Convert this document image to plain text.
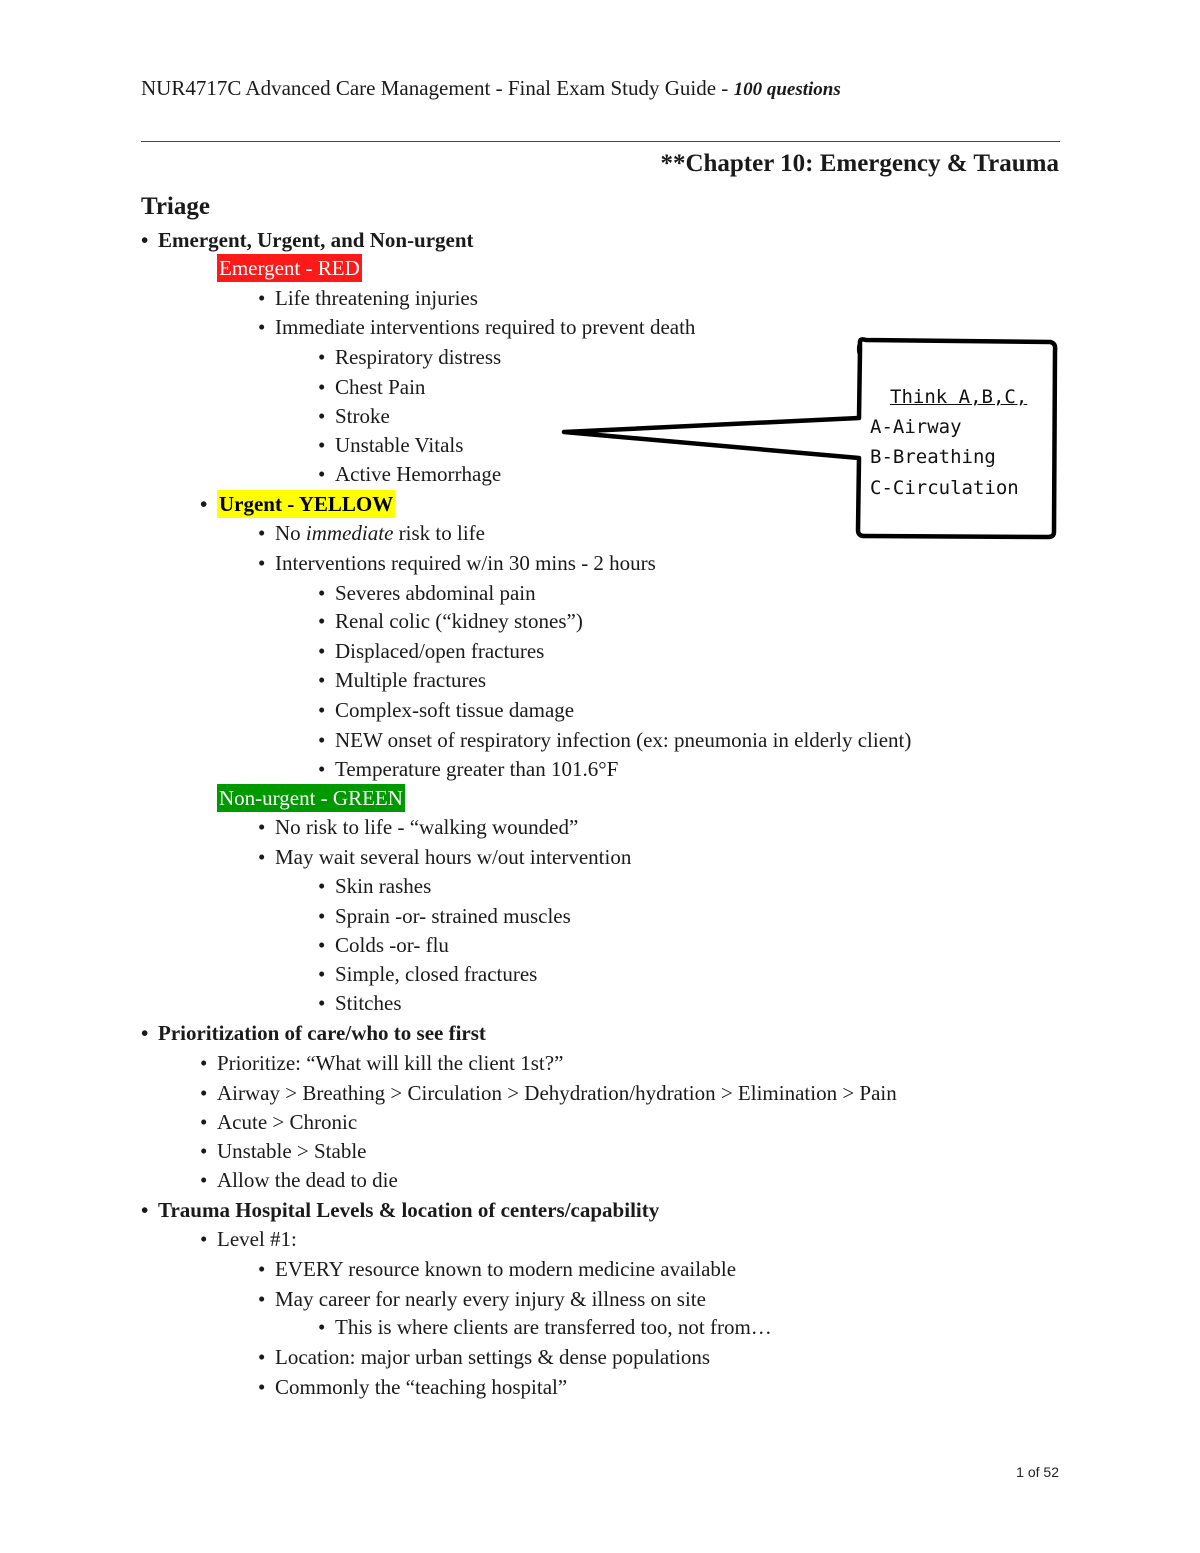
NUR4717C Advanced Care Management - Final Exam Study Guide - 100 questions
**Chapter 10: Emergency & Trauma
Triage
• Emergent, Urgent, and Non-urgent
Emergent - RED
• Life threatening injuries
• Immediate interventions required to prevent death
• Respiratory distress
• Chest Pain
• Stroke
• Unstable Vitals
• Active Hemorrhage
• Urgent - YELLOW
• No immediate risk to life
• Interventions required w/in 30 mins - 2 hours
• Severes abdominal pain
• Renal colic (“kidney stones”)
• Displaced/open fractures
• Multiple fractures
• Complex-soft tissue damage
• NEW onset of respiratory infection (ex: pneumonia in elderly client)
• Temperature greater than 101.6°F
Non-urgent - GREEN
• No risk to life - “walking wounded”
• May wait several hours w/out intervention
• Skin rashes
• Sprain -or- strained muscles
• Colds -or- flu
• Simple, closed fractures
• Stitches
• Prioritization of care/who to see first
• Prioritize: “What will kill the client 1st?”
• Airway > Breathing > Circulation > Dehydration/hydration > Elimination > Pain
• Acute > Chronic
• Unstable > Stable
• Allow the dead to die
• Trauma Hospital Levels & location of centers/capability
• Level #1:
• EVERY resource known to modern medicine available
• May career for nearly every injury & illness on site
• This is where clients are transferred too, not from…
• Location: major urban settings & dense populations
• Commonly the “teaching hospital”
Think A,B,C,
A-Airway
B-Breathing
C-Circulation
1 of 52
